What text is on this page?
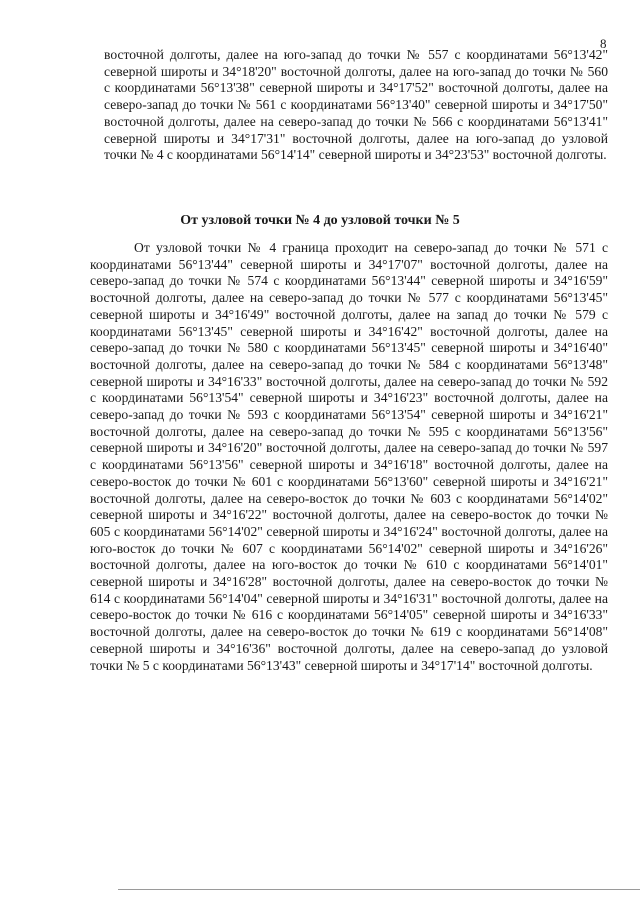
8

восточной долготы, далее на юго-запад до точки № 557 с координатами 56°13'42" северной широты и 34°18'20" восточной долготы, далее на юго-запад до точки № 560 с координатами 56°13'38" северной широты и 34°17'52" восточной долготы, далее на северо-запад до точки № 561 с координатами 56°13'40" северной широты и 34°17'50" восточной долготы, далее на северо-запад до точки № 566 с координатами 56°13'41" северной широты и 34°17'31" восточной долготы, далее на юго-запад до узловой точки № 4 с координатами 56°14'14" северной широты и 34°23'53" восточной долготы.

От узловой точки № 4 до узловой точки № 5

От узловой точки № 4 граница проходит на северо-запад до точки № 571 с координатами 56°13'44" северной широты и 34°17'07" восточной долготы, далее на северо-запад до точки № 574 с координатами 56°13'44" северной широты и 34°16'59" восточной долготы, далее на северо-запад до точки № 577 с координатами 56°13'45" северной широты и 34°16'49" восточной долготы, далее на запад до точки № 579 с координатами 56°13'45" северной широты и 34°16'42" восточной долготы, далее на северо-запад до точки № 580 с координатами 56°13'45" северной широты и 34°16'40" восточной долготы, далее на северо-запад до точки № 584 с координатами 56°13'48" северной широты и 34°16'33" восточной долготы, далее на северо-запад до точки № 592 с координатами 56°13'54" северной широты и 34°16'23" восточной долготы, далее на северо-запад до точки № 593 с координатами 56°13'54" северной широты и 34°16'21" восточной долготы, далее на северо-запад до точки № 595 с координатами 56°13'56" северной широты и 34°16'20" восточной долготы, далее на северо-запад до точки № 597 с координатами 56°13'56" северной широты и 34°16'18" восточной долготы, далее на северо-восток до точки № 601 с координатами 56°13'60" северной широты и 34°16'21" восточной долготы, далее на северо-восток до точки № 603 с координатами 56°14'02" северной широты и 34°16'22" восточной долготы, далее на северо-восток до точки № 605 с координатами 56°14'02" северной широты и 34°16'24" восточной долготы, далее на юго-восток до точки № 607 с координатами 56°14'02" северной широты и 34°16'26" восточной долготы, далее на юго-восток до точки № 610 с координатами 56°14'01" северной широты и 34°16'28" восточной долготы, далее на северо-восток до точки № 614 с координатами 56°14'04" северной широты и 34°16'31" восточной долготы, далее на северо-восток до точки № 616 с координатами 56°14'05" северной широты и 34°16'33" восточной долготы, далее на северо-восток до точки № 619 с координатами 56°14'08" северной широты и 34°16'36" восточной долготы, далее на северо-запад до узловой точки № 5 с координатами 56°13'43" северной широты и 34°17'14" восточной долготы.
